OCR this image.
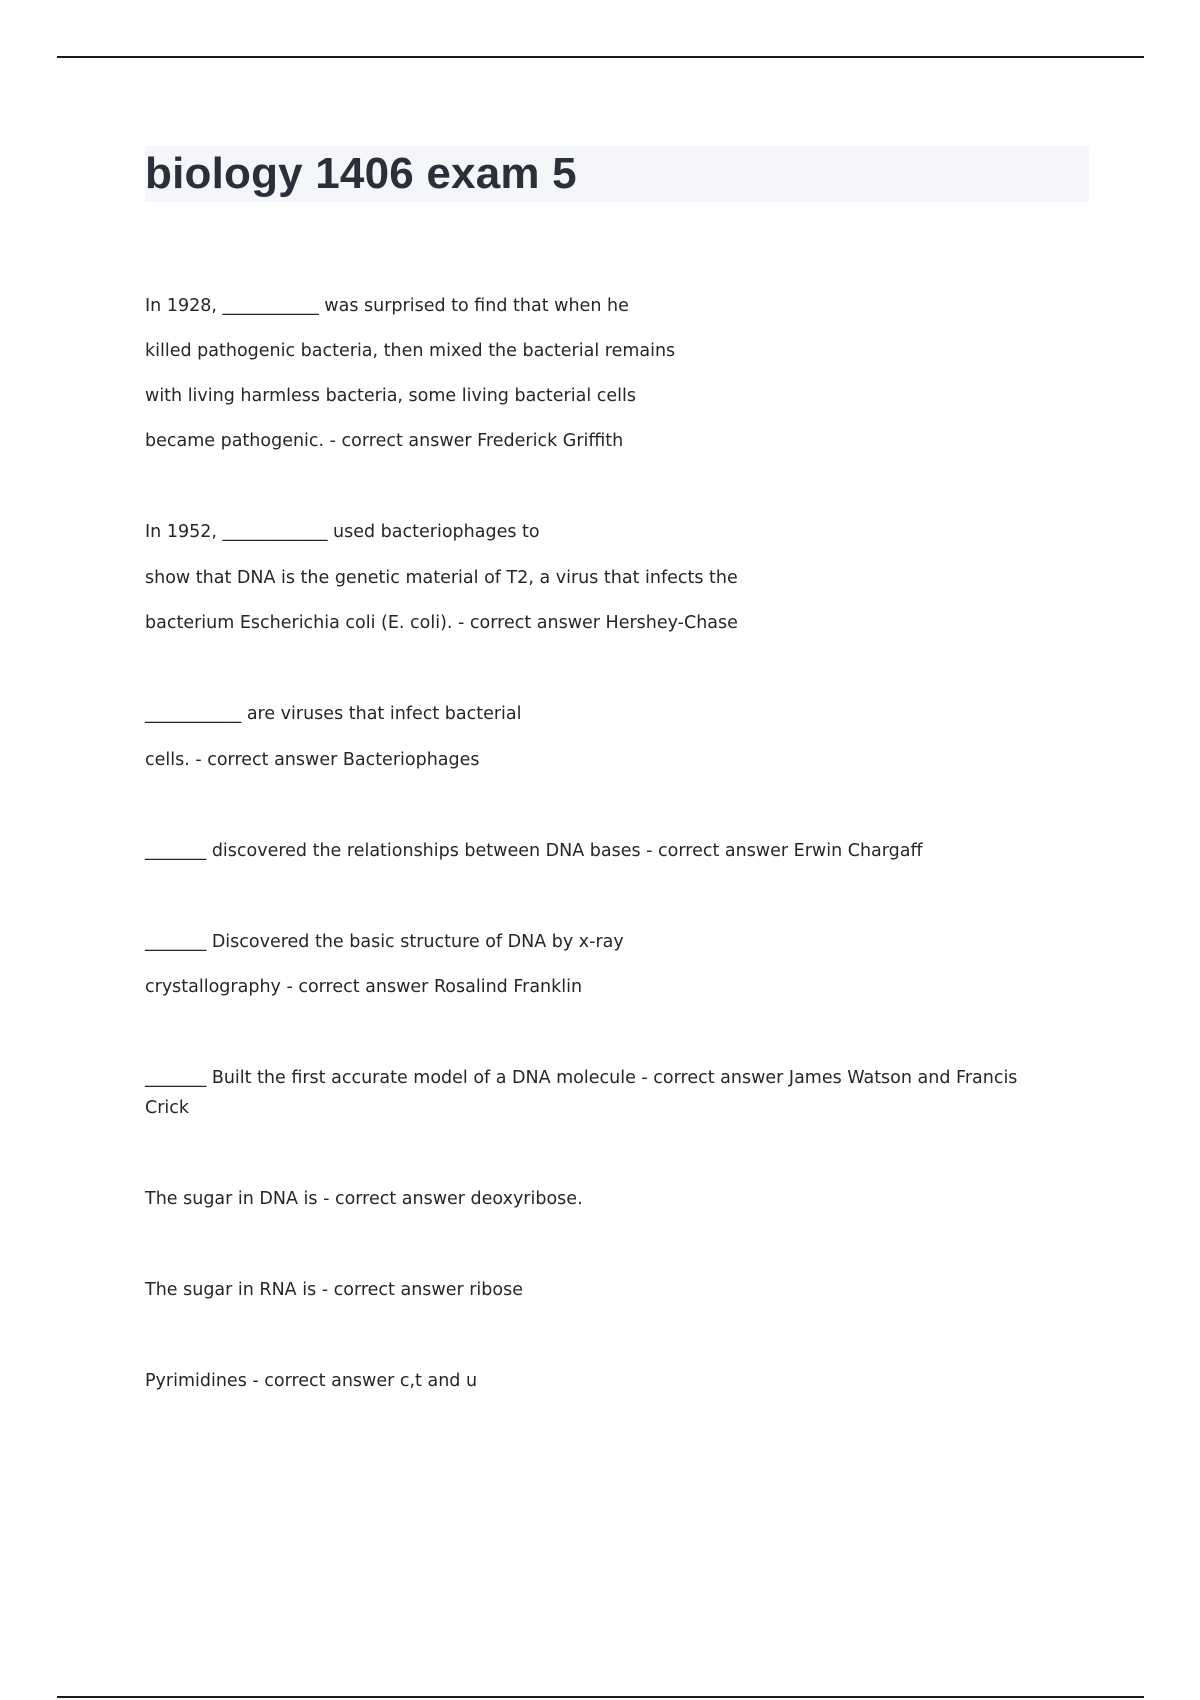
biology 1406 exam 5
In 1928, ___________ was surprised to find that when he
killed pathogenic bacteria, then mixed the bacterial remains
with living harmless bacteria, some living bacterial cells
became pathogenic. - correct answer Frederick Griffith
In 1952, ____________ used bacteriophages to
show that DNA is the genetic material of T2, a virus that infects the
bacterium Escherichia coli (E. coli). - correct answer Hershey-Chase
___________ are viruses that infect bacterial
cells. - correct answer Bacteriophages
_______ discovered the relationships between DNA bases - correct answer Erwin Chargaff
_______ Discovered the basic structure of DNA by x-ray
crystallography - correct answer Rosalind Franklin
_______ Built the first accurate model of a DNA molecule - correct answer James Watson and Francis
Crick
The sugar in DNA is - correct answer deoxyribose.
The sugar in RNA is - correct answer ribose
Pyrimidines - correct answer c,t and u
